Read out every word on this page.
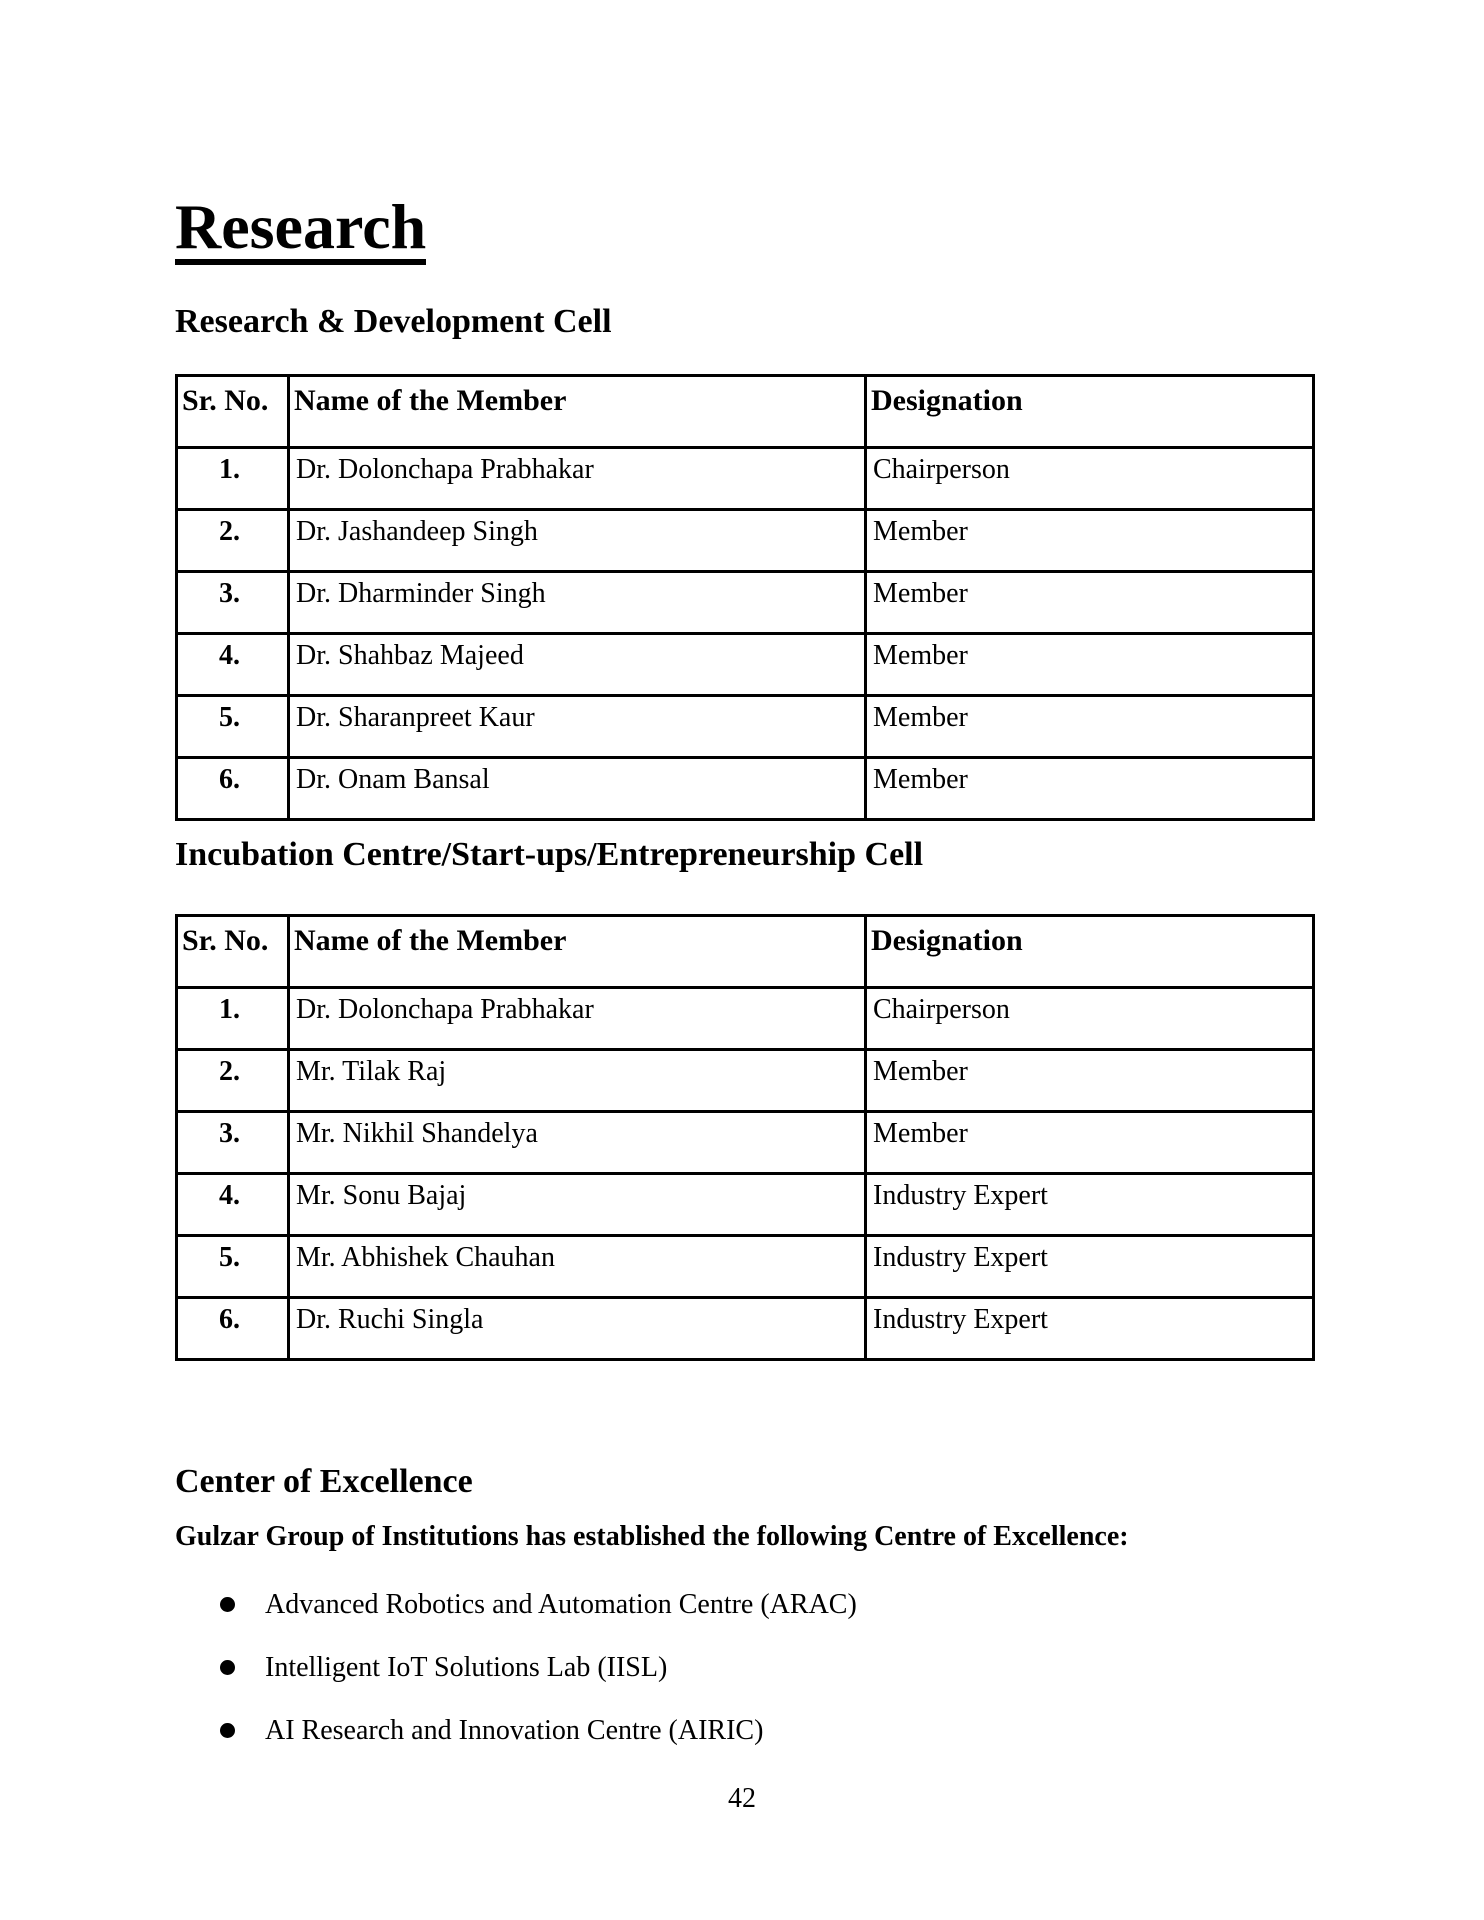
Research
Research & Development Cell
Sr. No.	Name of the Member	Designation
1.	Dr. Dolonchapa Prabhakar	Chairperson
2.	Dr. Jashandeep Singh	Member
3.	Dr. Dharminder Singh	Member
4.	Dr. Shahbaz Majeed	Member
5.	Dr. Sharanpreet Kaur	Member
6.	Dr. Onam Bansal	Member
Incubation Centre/Start-ups/Entrepreneurship Cell
Sr. No.	Name of the Member	Designation
1.	Dr. Dolonchapa Prabhakar	Chairperson
2.	Mr. Tilak Raj	Member
3.	Mr. Nikhil Shandelya	Member
4.	Mr. Sonu Bajaj	Industry Expert
5.	Mr. Abhishek Chauhan	Industry Expert
6.	Dr. Ruchi Singla	Industry Expert
Center of Excellence

Gulzar Group of Institutions has established the following Centre of Excellence:

Advanced Robotics and Automation Centre (ARAC)
Intelligent IoT Solutions Lab (IISL)
AI Research and Innovation Centre (AIRIC)
42
